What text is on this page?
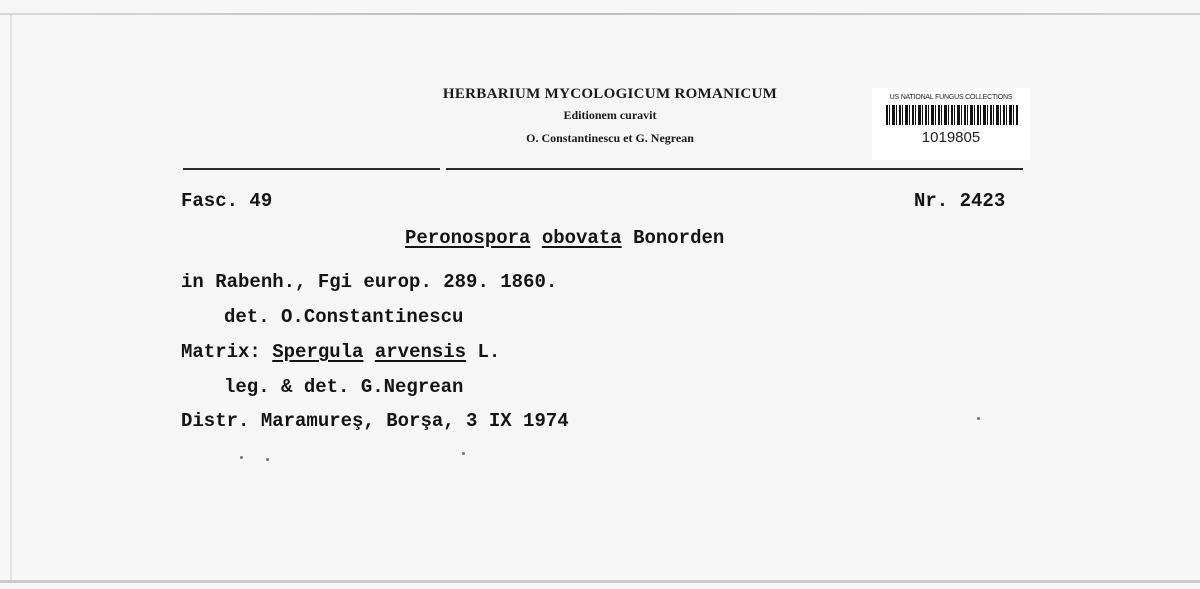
HERBARIUM MYCOLOGICUM ROMANICUM
Editionem curavit
O. Constantinescu et G. Negrean
US NATIONAL FUNGUS COLLECTIONS
1019805
Fasc. 49	Nr. 2423
Peronospora obovata Bonorden
in Rabenh., Fgi europ. 289. 1860.
det. O.Constantinescu
Matrix: Spergula arvensis L.
leg. & det. G.Negrean
Distr. Maramureş, Borşa, 3 IX 1974
